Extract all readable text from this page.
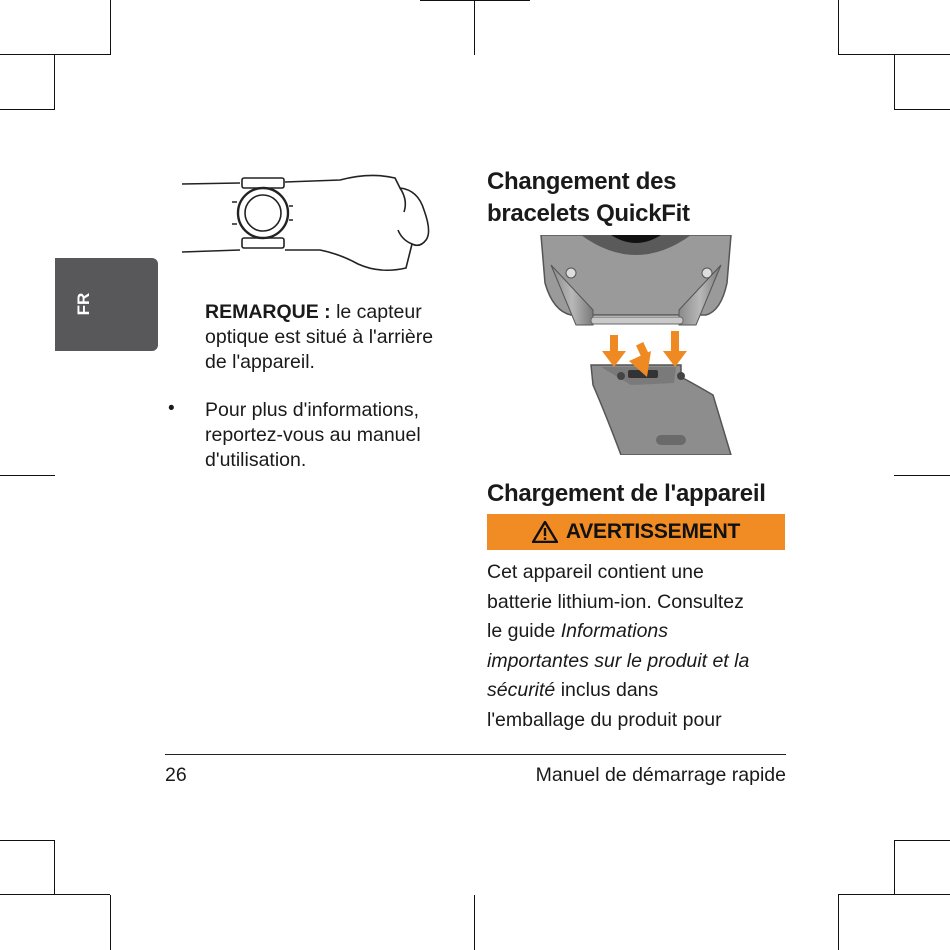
FR	REMARQUE : le capteur
optique est situé à l'arrière
de l'appareil.
• Pour plus d'informations,
reportez-vous au manuel
d'utilisation.
Changement des
bracelets QuickFit
Chargement de l'appareil
AVERTISSEMENT
Cet appareil contient une
batterie lithium-ion. Consultez
le guide Informations
importantes sur le produit et la
sécurité inclus dans
l'emballage du produit pour
26	Manuel de démarrage rapide
